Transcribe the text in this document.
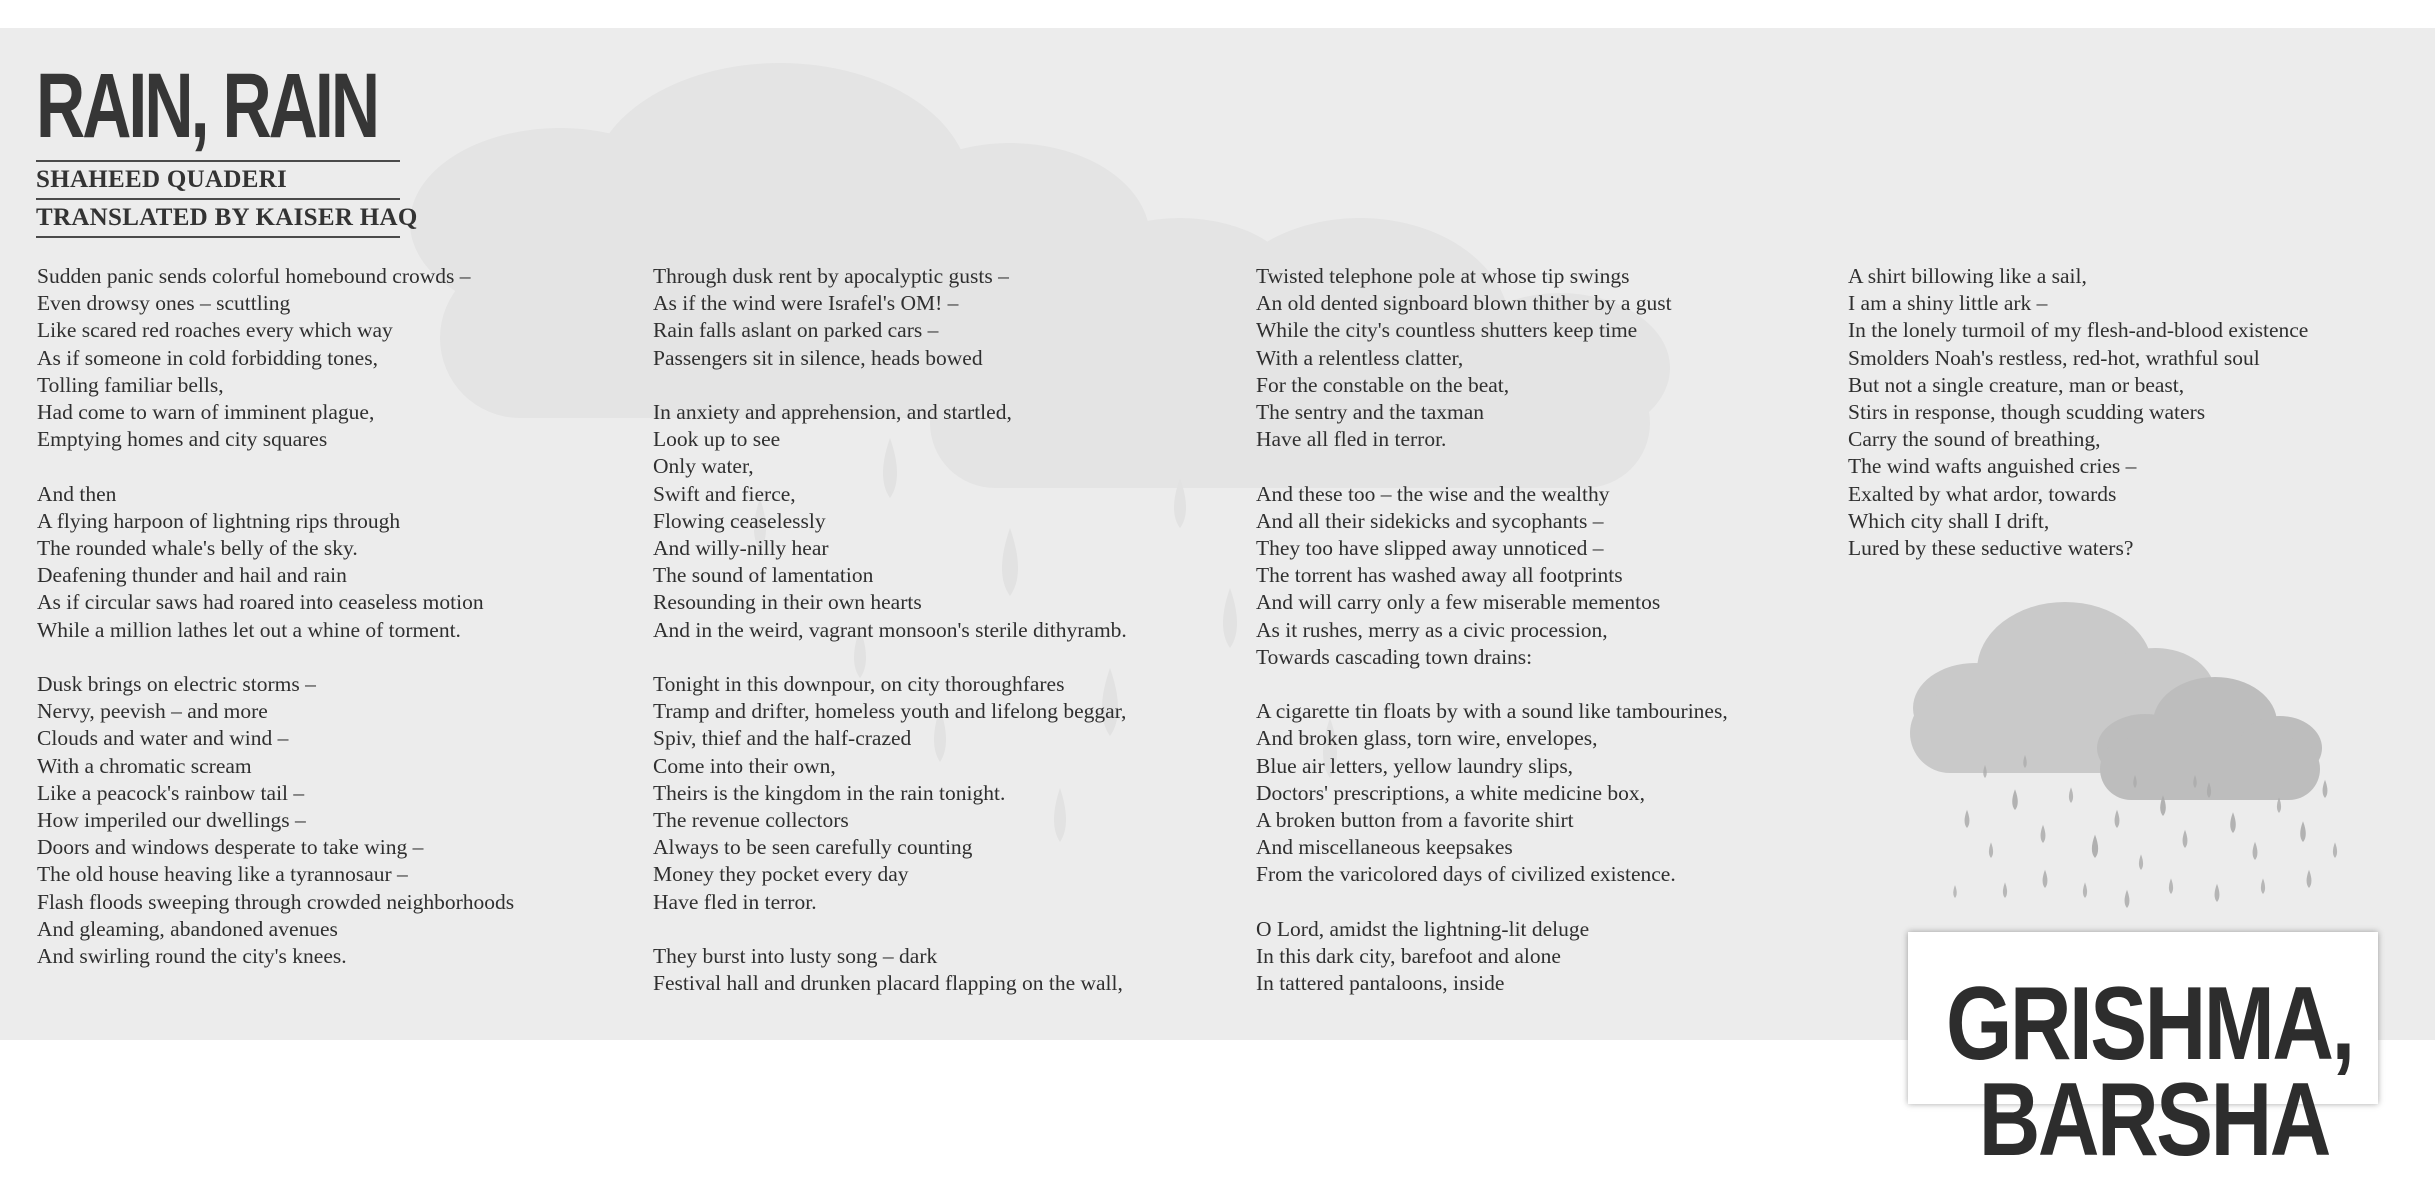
RAIN, RAIN
SHAHEED QUADERI
TRANSLATED BY KAISER HAQ
Sudden panic sends colorful homebound crowds –
Even drowsy ones – scuttling
Like scared red roaches every which way
As if someone in cold forbidding tones,
Tolling familiar bells,
Had come to warn of imminent plague,
Emptying homes and city squares
And then
A flying harpoon of lightning rips through
The rounded whale's belly of the sky.
Deafening thunder and hail and rain
As if circular saws had roared into ceaseless motion
While a million lathes let out a whine of torment.
Dusk brings on electric storms –
Nervy, peevish – and more
Clouds and water and wind –
With a chromatic scream
Like a peacock's rainbow tail –
How imperiled our dwellings –
Doors and windows desperate to take wing –
The old house heaving like a tyrannosaur –
Flash floods sweeping through crowded neighborhoods
And gleaming, abandoned avenues
And swirling round the city's knees.
Through dusk rent by apocalyptic gusts –
As if the wind were Israfel's OM! –
Rain falls aslant on parked cars –
Passengers sit in silence, heads bowed
In anxiety and apprehension, and startled,
Look up to see
Only water,
Swift and fierce,
Flowing ceaselessly
And willy-nilly hear
The sound of lamentation
Resounding in their own hearts
And in the weird, vagrant monsoon's sterile dithyramb.
Tonight in this downpour, on city thoroughfares
Tramp and drifter, homeless youth and lifelong beggar,
Spiv, thief and the half-crazed
Come into their own,
Theirs is the kingdom in the rain tonight.
The revenue collectors
Always to be seen carefully counting
Money they pocket every day
Have fled in terror.
They burst into lusty song – dark
Festival hall and drunken placard flapping on the wall,
Twisted telephone pole at whose tip swings
An old dented signboard blown thither by a gust
While the city's countless shutters keep time
With a relentless clatter,
For the constable on the beat,
The sentry and the taxman
Have all fled in terror.
And these too – the wise and the wealthy
And all their sidekicks and sycophants –
They too have slipped away unnoticed –
The torrent has washed away all footprints
And will carry only a few miserable mementos
As it rushes, merry as a civic procession,
Towards cascading town drains:
A cigarette tin floats by with a sound like tambourines,
And broken glass, torn wire, envelopes,
Blue air letters, yellow laundry slips,
Doctors' prescriptions, a white medicine box,
A broken button from a favorite shirt
And miscellaneous keepsakes
From the varicolored days of civilized existence.
O Lord, amidst the lightning-lit deluge
In this dark city, barefoot and alone
In tattered pantaloons, inside
A shirt billowing like a sail,
I am a shiny little ark –
In the lonely turmoil of my flesh-and-blood existence
Smolders Noah's restless, red-hot, wrathful soul
But not a single creature, man or beast,
Stirs in response, though scudding waters
Carry the sound of breathing,
The wind wafts anguished cries –
Exalted by what ardor, towards
Which city shall I drift,
Lured by these seductive waters?
GRISHMA,
BARSHA
